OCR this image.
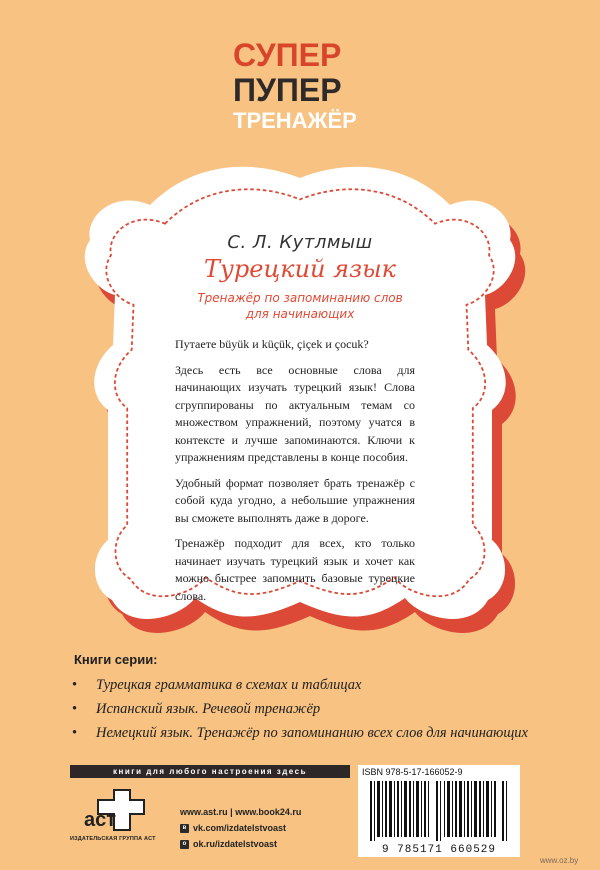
СУПЕР
ПУПЕР
ТРЕНАЖЁР
С. Л. Кутлмыш
Турецкий язык
Тренажёр по запоминанию слов
для начинающих

Путаете büyük и küçük, çiçek и çocuk?

Здесь есть все основные слова для начинающих изучать турецкий язык! Слова сгруппированы по актуальным темам со множеством упражнений, поэтому учатся в контексте и лучше запоминаются. Ключи к упражнениям представлены в конце пособия.

Удобный формат позволяет брать тренажёр с собой куда угодно, а небольшие упражнения вы сможете выполнять даже в дороге.

Тренажёр подходит для всех, кто только начинает изучать турецкий язык и хочет как можно быстрее запомнить базовые турецкие слова.

Книги серии:
• Турецкая грамматика в схемах и таблицах
• Испанский язык. Речевой тренажёр
• Немецкий язык. Тренажёр по запоминанию всех слов для начинающих
книги для любого настроения здесь
аст
ИЗДАТЕЛЬСКАЯ ГРУППА АСТ
www.ast.ru | www.book24.ru
в vk.com/izdatelstvoast
о ok.ru/izdatelstvoast
ISBN 978-5-17-166052-9
9 785171 660529
www.oz.by
